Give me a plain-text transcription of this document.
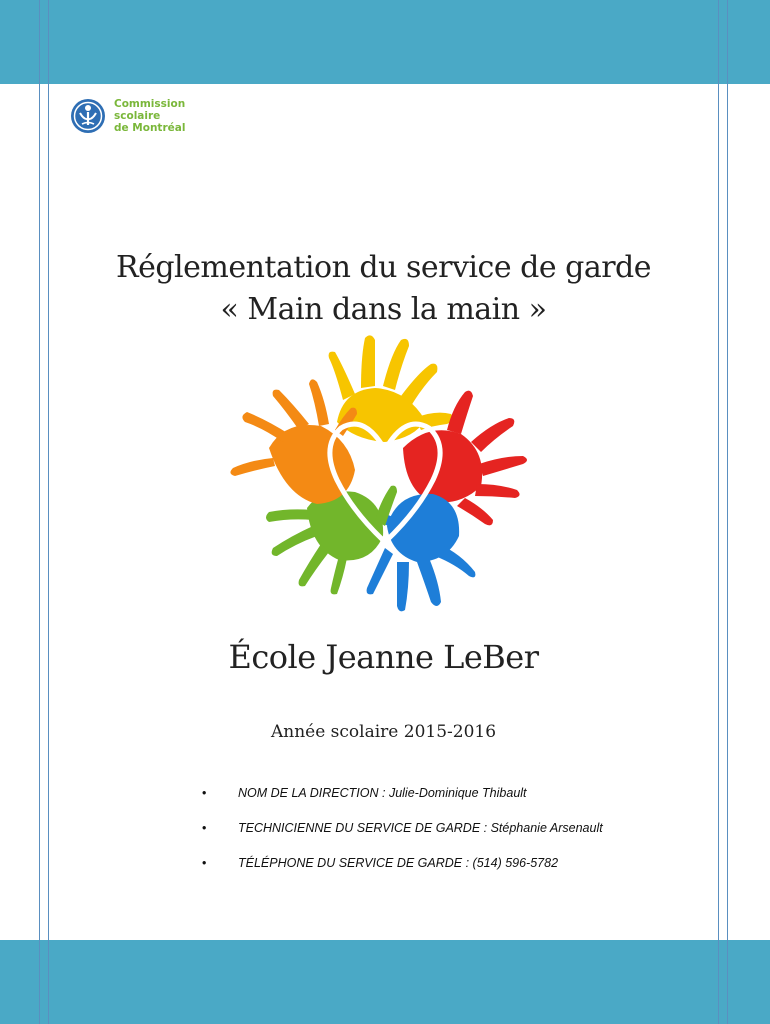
Commission
scolaire
de Montréal
Réglementation du service de garde
« Main dans la main »
École Jeanne LeBer
Année scolaire 2015-2016
•	NOM DE LA DIRECTION : Julie-Dominique Thibault
•	TECHNICIENNE DU SERVICE DE GARDE : Stéphanie Arsenault
•	TÉLÉPHONE DU SERVICE DE GARDE : (514) 596-5782
